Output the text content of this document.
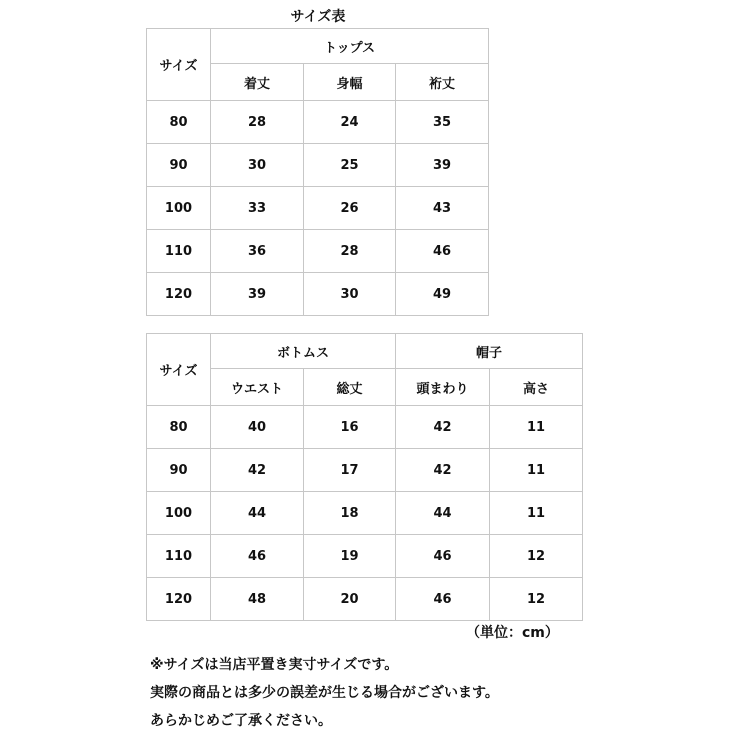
サイズ表
サイズ	トップス		
	着丈	身幅	裄丈
80	28	24	35
90	30	25	39
100	33	26	43
110	36	28	46
120	39	30	49
サイズ	ボトムス		帽子	
	ウエスト	総丈	頭まわり	高さ
80	40	16	42	11
90	42	17	42	11
100	44	18	44	11
110	46	19	46	12
120	48	20	46	12
（単位：cm）
※サイズは当店平置き実寸サイズです。
実際の商品とは多少の誤差が生じる場合がございます。
あらかじめご了承ください。
